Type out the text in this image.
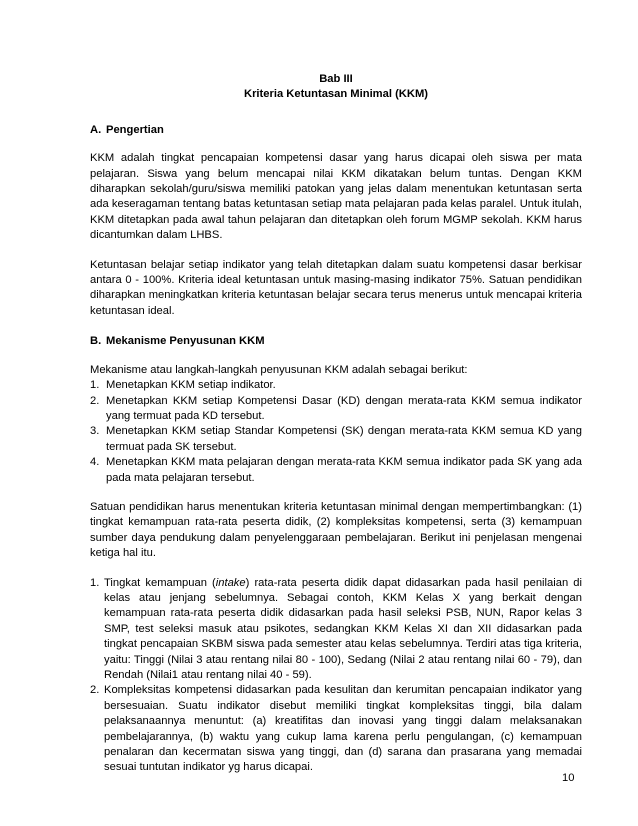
Bab III

Kriteria Ketuntasan Minimal (KKM)

A. Pengertian

KKM adalah tingkat pencapaian kompetensi dasar yang harus dicapai oleh siswa per mata pelajaran. Siswa yang belum mencapai nilai KKM dikatakan belum tuntas. Dengan KKM diharapkan sekolah/guru/siswa memiliki patokan yang jelas dalam menentukan ketuntasan serta ada keseragaman tentang batas ketuntasan setiap mata pelajaran pada kelas paralel. Untuk itulah, KKM ditetapkan pada awal tahun pelajaran dan ditetapkan oleh forum MGMP sekolah. KKM harus dicantumkan dalam LHBS.

Ketuntasan belajar setiap indikator yang telah ditetapkan dalam suatu kompetensi dasar berkisar antara 0 - 100%. Kriteria ideal ketuntasan untuk masing-masing indikator 75%. Satuan pendidikan diharapkan meningkatkan kriteria ketuntasan belajar secara terus menerus untuk mencapai kriteria ketuntasan ideal.

B. Mekanisme Penyusunan KKM
Mekanisme atau langkah-langkah penyusunan KKM adalah sebagai berikut:
1. Menetapkan KKM setiap indikator.
2. Menetapkan KKM setiap Kompetensi Dasar (KD) dengan merata-rata KKM semua indikator yang termuat pada KD tersebut.
3. Menetapkan KKM setiap Standar Kompetensi (SK) dengan merata-rata KKM semua KD yang termuat pada SK tersebut.
4. Menetapkan KKM mata pelajaran dengan merata-rata KKM semua indikator pada SK yang ada pada mata pelajaran tersebut.

Satuan pendidikan harus menentukan kriteria ketuntasan minimal dengan mempertimbangkan: (1) tingkat kemampuan rata-rata peserta didik, (2) kompleksitas kompetensi, serta (3) kemampuan sumber daya pendukung dalam penyelenggaraan pembelajaran. Berikut ini penjelasan mengenai ketiga hal itu.

1. Tingkat kemampuan (intake) rata-rata peserta didik dapat didasarkan pada hasil penilaian di kelas atau jenjang sebelumnya. Sebagai contoh, KKM Kelas X yang berkait dengan kemampuan rata-rata peserta didik didasarkan pada hasil seleksi PSB, NUN, Rapor kelas 3 SMP, test seleksi masuk atau psikotes, sedangkan KKM Kelas XI dan XII didasarkan pada tingkat pencapaian SKBM siswa pada semester atau kelas sebelumnya. Terdiri atas tiga kriteria, yaitu: Tinggi (Nilai 3 atau rentang nilai 80 - 100), Sedang (Nilai 2 atau rentang nilai 60 - 79), dan Rendah (Nilai1 atau rentang nilai 40 - 59).
2. Kompleksitas kompetensi didasarkan pada kesulitan dan kerumitan pencapaian indikator yang bersesuaian. Suatu indikator disebut memiliki tingkat kompleksitas tinggi, bila dalam pelaksanaannya menuntut: (a) kreatifitas dan inovasi yang tinggi dalam melaksanakan pembelajarannya, (b) waktu yang cukup lama karena perlu pengulangan, (c) kemampuan penalaran dan kecermatan siswa yang tinggi, dan (d) sarana dan prasarana yang memadai sesuai tuntutan indikator yg harus dicapai.
10
